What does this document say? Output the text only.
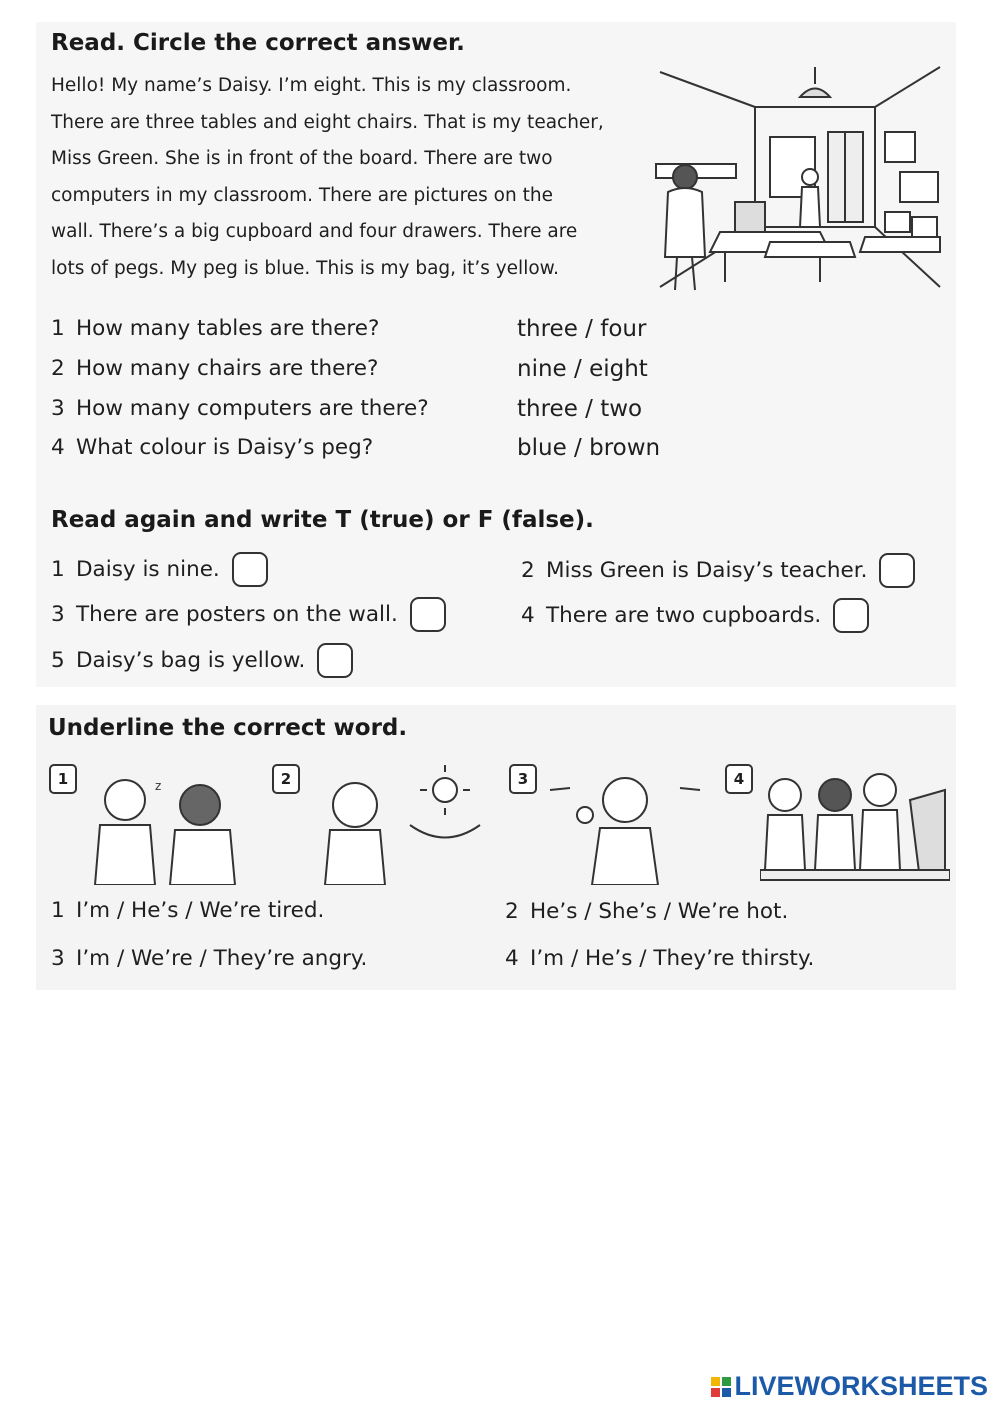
Read. Circle the correct answer.
Hello! My name’s Daisy. I’m eight. This is my classroom.
There are three tables and eight chairs. That is my teacher,
Miss Green. She is in front of the board. There are two
computers in my classroom. There are pictures on the
wall. There’s a big cupboard and four drawers. There are
lots of pegs. My peg is blue. This is my bag, it’s yellow.
1 How many tables are there?	three / four
2 How many chairs are there?	nine / eight
3 How many computers are there?	three / two
4 What colour is Daisy’s peg?	blue / brown
Read again and write T (true) or F (false).
1 Daisy is nine.	2 Miss Green is Daisy’s teacher.
3 There are posters on the wall.	4 There are two cupboards.
5 Daisy’s bag is yellow.
Underline the correct word.
1	2	3	4
z
1 I’m / He’s / We’re tired.	2 He’s / She’s / We’re hot.
3 I’m / We’re / They’re angry.	4 I’m / He’s / They’re thirsty.
LIVEWORKSHEETS
